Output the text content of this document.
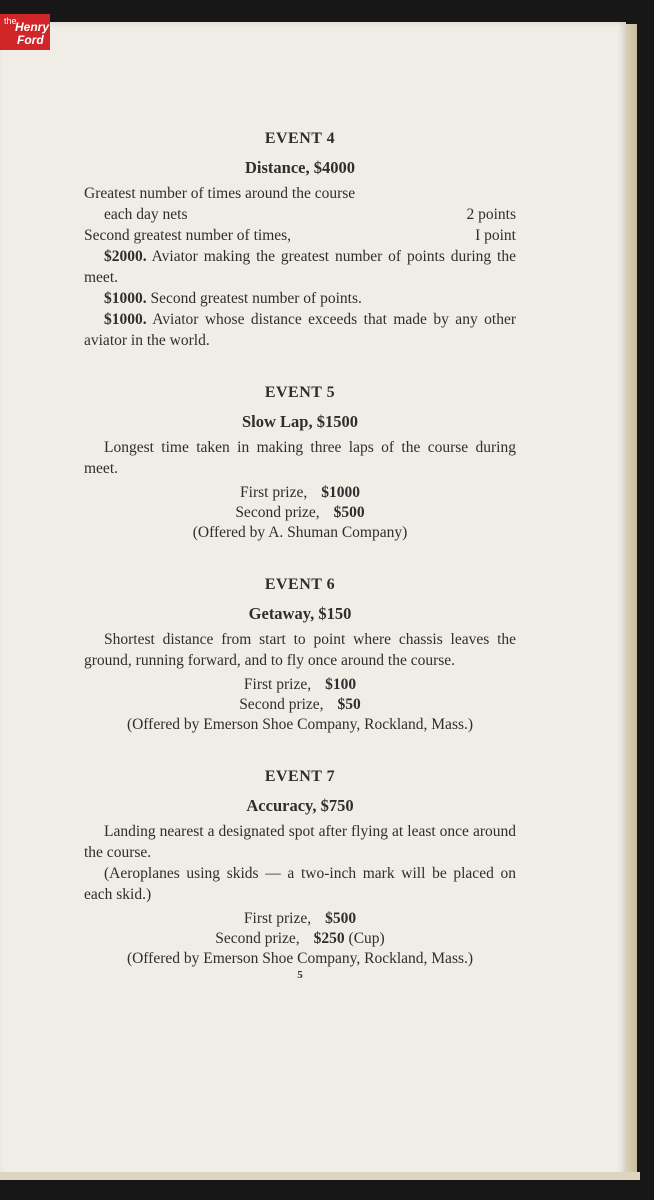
the
Henry
Ford

EVENT 4

Distance, $4000

Greatest number of times around the course

each day nets	2 points
Second greatest number of times,	I point

$2000. Aviator making the greatest number of points during the meet.

$1000. Second greatest number of points.

$1000. Aviator whose distance exceeds that made by any other aviator in the world.

EVENT 5

Slow Lap, $1500

Longest time taken in making three laps of the course during meet.

First prize, $1000

Second prize, $500

(Offered by A. Shuman Company)

EVENT 6

Getaway, $150

Shortest distance from start to point where chassis leaves the ground, running forward, and to fly once around the course.

First prize, $100

Second prize, $50

(Offered by Emerson Shoe Company, Rockland, Mass.)

EVENT 7

Accuracy, $750

Landing nearest a designated spot after flying at least once around the course.

(Aeroplanes using skids — a two-inch mark will be placed on each skid.)

First prize, $500

Second prize, $250 (Cup)

(Offered by Emerson Shoe Company, Rockland, Mass.)

5
